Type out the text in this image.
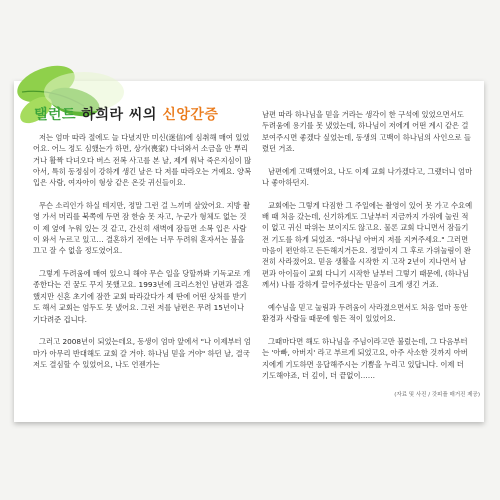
탤런트 하희라 씨의 신앙간증

저는 엄마 따라 절에도 늘 다녔지만 미신(迷信)에 심취해 매여 있었어요. 어느 정도 심했는가 하면, 상가(喪家) 다녀와서 소금을 안 뿌리거나 활짝 다녀오다 버스 전복 사고를 본 날, 제게 워낙 죽은지심이 많아서, 특히 동정심이 강하게 생긴 날은 다 저를 따라오는 거예요. 양복 입은 사람, 여자아이 형상 같은 온갖 귀신들이요.

무슨 소리인가 하실 테지만, 정말 그런 걸 느끼며 살았어요. 지방 촬영 가서 머리를 북쪽에 두면 잠 한숨 못 자고, 누군가 형체도 없는 것이 제 옆에 누워 있는 것 같고, 간신히 새벽에 잠들면 소복 입은 사람이 와서 누르고 있고… 결혼하기 전에는 너무 두려워 혼자서는 불을 끄고 잘 수 없을 정도였어요.

그렇게 두려움에 매여 있으니 해야 무슨 일을 당할까봐 기독교로 개종한다는 건 꿈도 꾸지 못했고요. 1993년에 크리스천인 남편과 결혼했지만 신혼 초기에 잠깐 교회 따라갔다가 제 딴에 어떤 상처를 받기도 해서 교회는 엄두도 못 냈어요. 그런 저를 남편은 무려 15년이나 기다려준 겁니다.

그러고 2008년이 되었는데요, 동생이 엄마 앞에서 "나 이제부터 엄마가 아무리 반대해도 교회 갈 거야. 하나님 믿을 거야" 하던 날, 결국 저도 결심할 수 있었어요, 나도 언젠가는

남편 따라 하나님을 믿을 거라는 생각이 한 구석에 있었으면서도 두려움에 용기를 못 냈었는데, 하나님이 저에게 어떤 계시 같은 걸 보여주시면 좋겠다 싶었는데, 동생의 고백이 하나님의 사인으로 들렸던 거죠.

남편에게 고백했어요, 나도 이제 교회 나가겠다고, 그랬더니 엄마나 좋아하던지.

교회에는 그렇게 다짐한 그 주일에는 촬영이 있어 못 가고 수요예배 때 처음 갔는데, 신기하게도 그날부터 지금까지 가위에 눌린 적이 없고 귀신 따위는 보이지도 않고요. 물론 교회 다니면서 잠들기 전 기도를 하게 되었죠. "하나님 아버지 저를 지켜주세요." 그러면 마음이 편안하고 든든해지거든요. 정말이지 그 후로 가위눌림이 완전히 사라졌어요. 믿음 생활을 시작한 지 고작 2년이 지나면서 남편과 아이들이 교회 다니기 시작한 날부터 그렇기 때문에, (하나님께서) 나를 강하게 끌어주셨다는 믿음이 크게 생긴 거죠.

예수님을 믿고 눌림과 두려움이 사라졌으면서도 처음 얼마 동안 환경과 사람들 때문에 힘든 적이 있었어요.

그때마다면 해도 하나님을 주님이라고만 불렀는데, 그 다음부터는 '아빠, 아버지' 라고 부르게 되었고요, 아주 사소한 것까지 아버지에게 기도하면 응답해주시는 기쁨을 누리고 있답니다. 이제 더 기도해야죠, 더 깊이, 더 끝없이……

(자료 및 사진 / 갓피플 매거진 제공)
